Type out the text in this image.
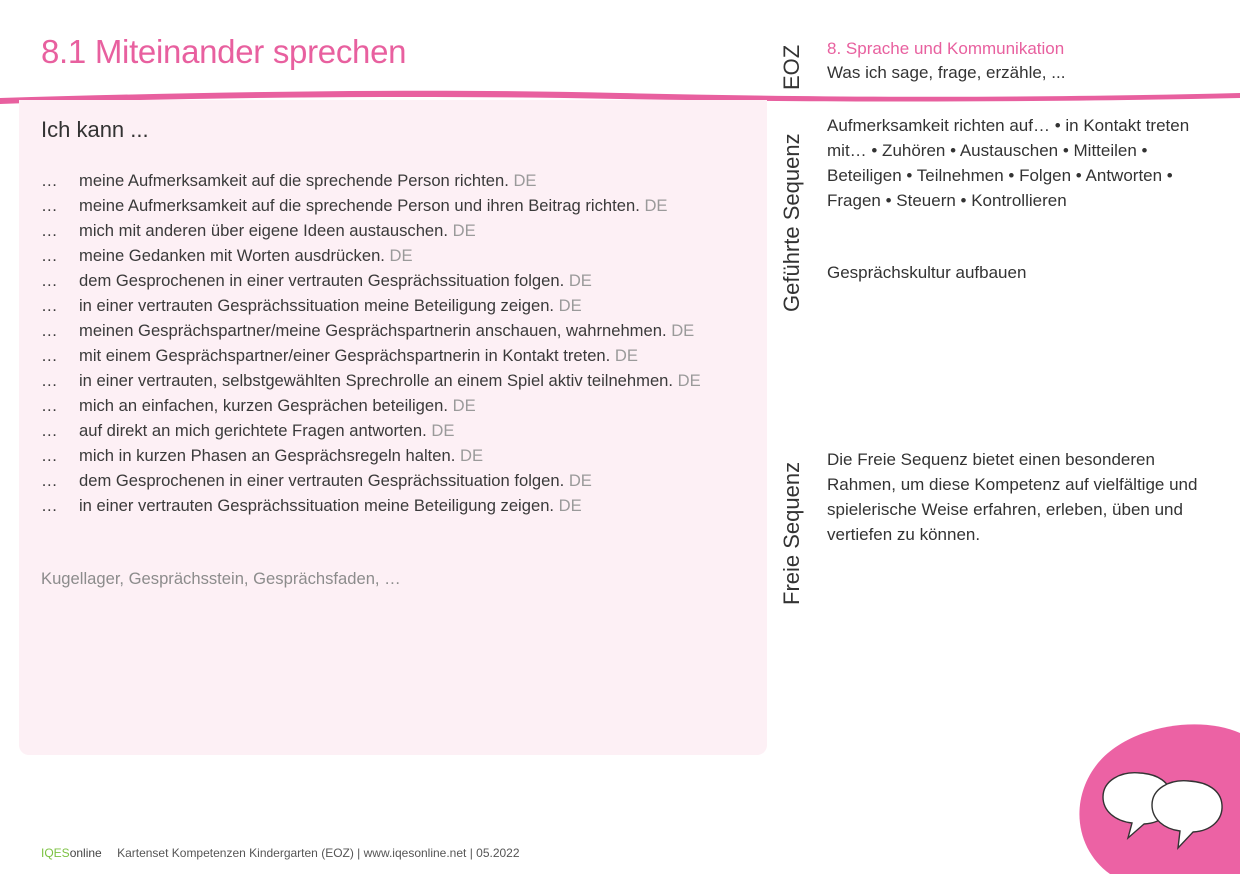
8.1 Miteinander sprechen	EOZ 8. Sprache und Kommunikation
Was ich sage, frage, erzähle, ...
Ich kann ...
… meine Aufmerksamkeit auf die sprechende Person richten. DE
… meine Aufmerksamkeit auf die sprechende Person und ihren Beitrag richten. DE
… mich mit anderen über eigene Ideen austauschen. DE
… meine Gedanken mit Worten ausdrücken. DE
… dem Gesprochenen in einer vertrauten Gesprächssituation folgen. DE
… in einer vertrauten Gesprächssituation meine Beteiligung zeigen. DE
… meinen Gesprächspartner/meine Gesprächspartnerin anschauen, wahrnehmen. DE
… mit einem Gesprächspartner/einer Gesprächspartnerin in Kontakt treten. DE
… in einer vertrauten, selbstgewählten Sprechrolle an einem Spiel aktiv teilnehmen. DE
… mich an einfachen, kurzen Gesprächen beteiligen. DE
… auf direkt an mich gerichtete Fragen antworten. DE
… mich in kurzen Phasen an Gesprächsregeln halten. DE
… dem Gesprochenen in einer vertrauten Gesprächssituation folgen. DE
… in einer vertrauten Gesprächssituation meine Beteiligung zeigen. DE
Kugellager, Gesprächsstein, Gesprächsfaden, …
Geführte Sequenz
Aufmerksamkeit richten auf… • in Kontakt treten mit… • Zuhören • Austauschen • Mitteilen • Beteiligen • Teilnehmen • Folgen • Antworten • Fragen • Steuern • Kontrollieren
Gesprächskultur aufbauen
Freie Sequenz
Die Freie Sequenz bietet einen besonderen Rahmen, um diese Kompetenz auf vielfältige und spielerische Weise erfahren, erleben, üben und vertiefen zu können.
IQESonline Kartenset Kompetenzen Kindergarten (EOZ) | www.iqesonline.net | 05.2022
